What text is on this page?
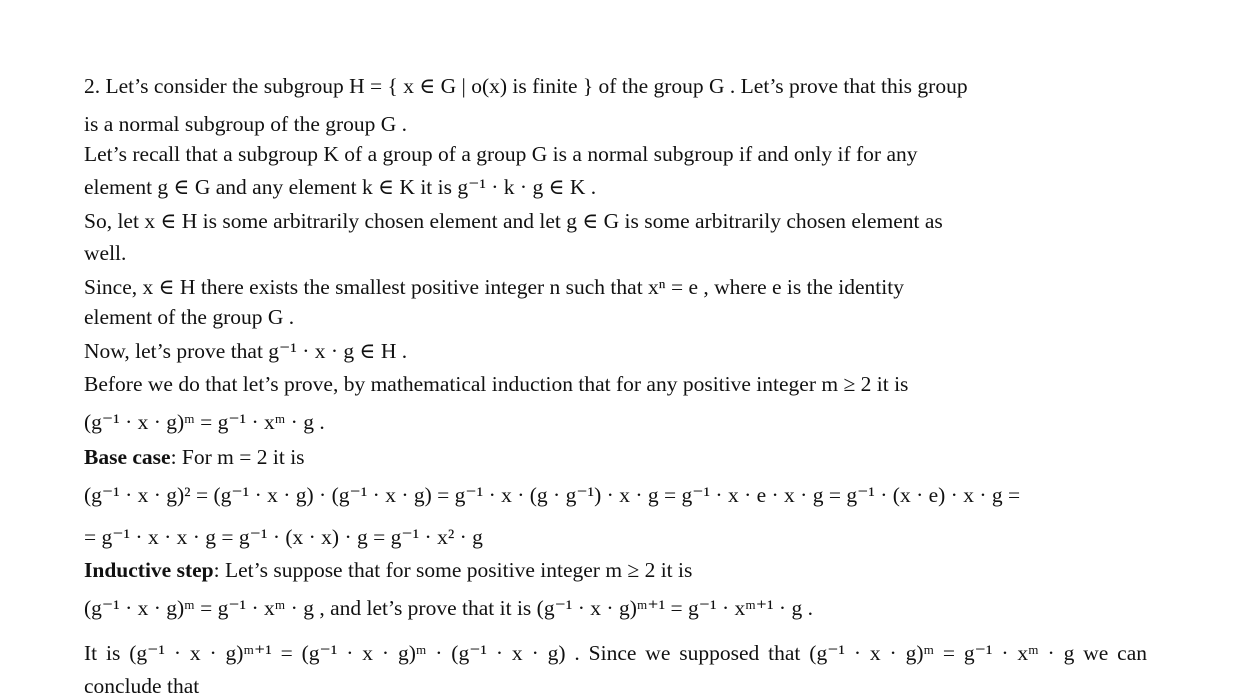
2. Let’s consider the subgroup H = { x ∈ G | o(x) is finite } of the group G . Let’s prove that this group
is a normal subgroup of the group G .
Let’s recall that a subgroup K of a group of a group G is a normal subgroup if and only if for any
element g ∈ G and any element k ∈ K it is g⁻¹ · k · g ∈ K .
So, let x ∈ H is some arbitrarily chosen element and let g ∈ G is some arbitrarily chosen element as
well.
Since, x ∈ H there exists the smallest positive integer n such that xⁿ = e , where e is the identity
element of the group G .
Now, let’s prove that g⁻¹ · x · g ∈ H .
Before we do that let’s prove, by mathematical induction that for any positive integer m ≥ 2 it is
(g⁻¹ · x · g)ᵐ = g⁻¹ · xᵐ · g .
Base case: For m = 2 it is
(g⁻¹ · x · g)² = (g⁻¹ · x · g) · (g⁻¹ · x · g) = g⁻¹ · x · (g · g⁻¹) · x · g = g⁻¹ · x · e · x · g = g⁻¹ · (x · e) · x · g =
= g⁻¹ · x · x · g = g⁻¹ · (x · x) · g = g⁻¹ · x² · g
Inductive step: Let’s suppose that for some positive integer m ≥ 2 it is
(g⁻¹ · x · g)ᵐ = g⁻¹ · xᵐ · g , and let’s prove that it is (g⁻¹ · x · g)ᵐ⁺¹ = g⁻¹ · xᵐ⁺¹ · g .
It is (g⁻¹ · x · g)ᵐ⁺¹ = (g⁻¹ · x · g)ᵐ · (g⁻¹ · x · g) . Since we supposed that (g⁻¹ · x · g)ᵐ = g⁻¹ · xᵐ · g we can
conclude that
